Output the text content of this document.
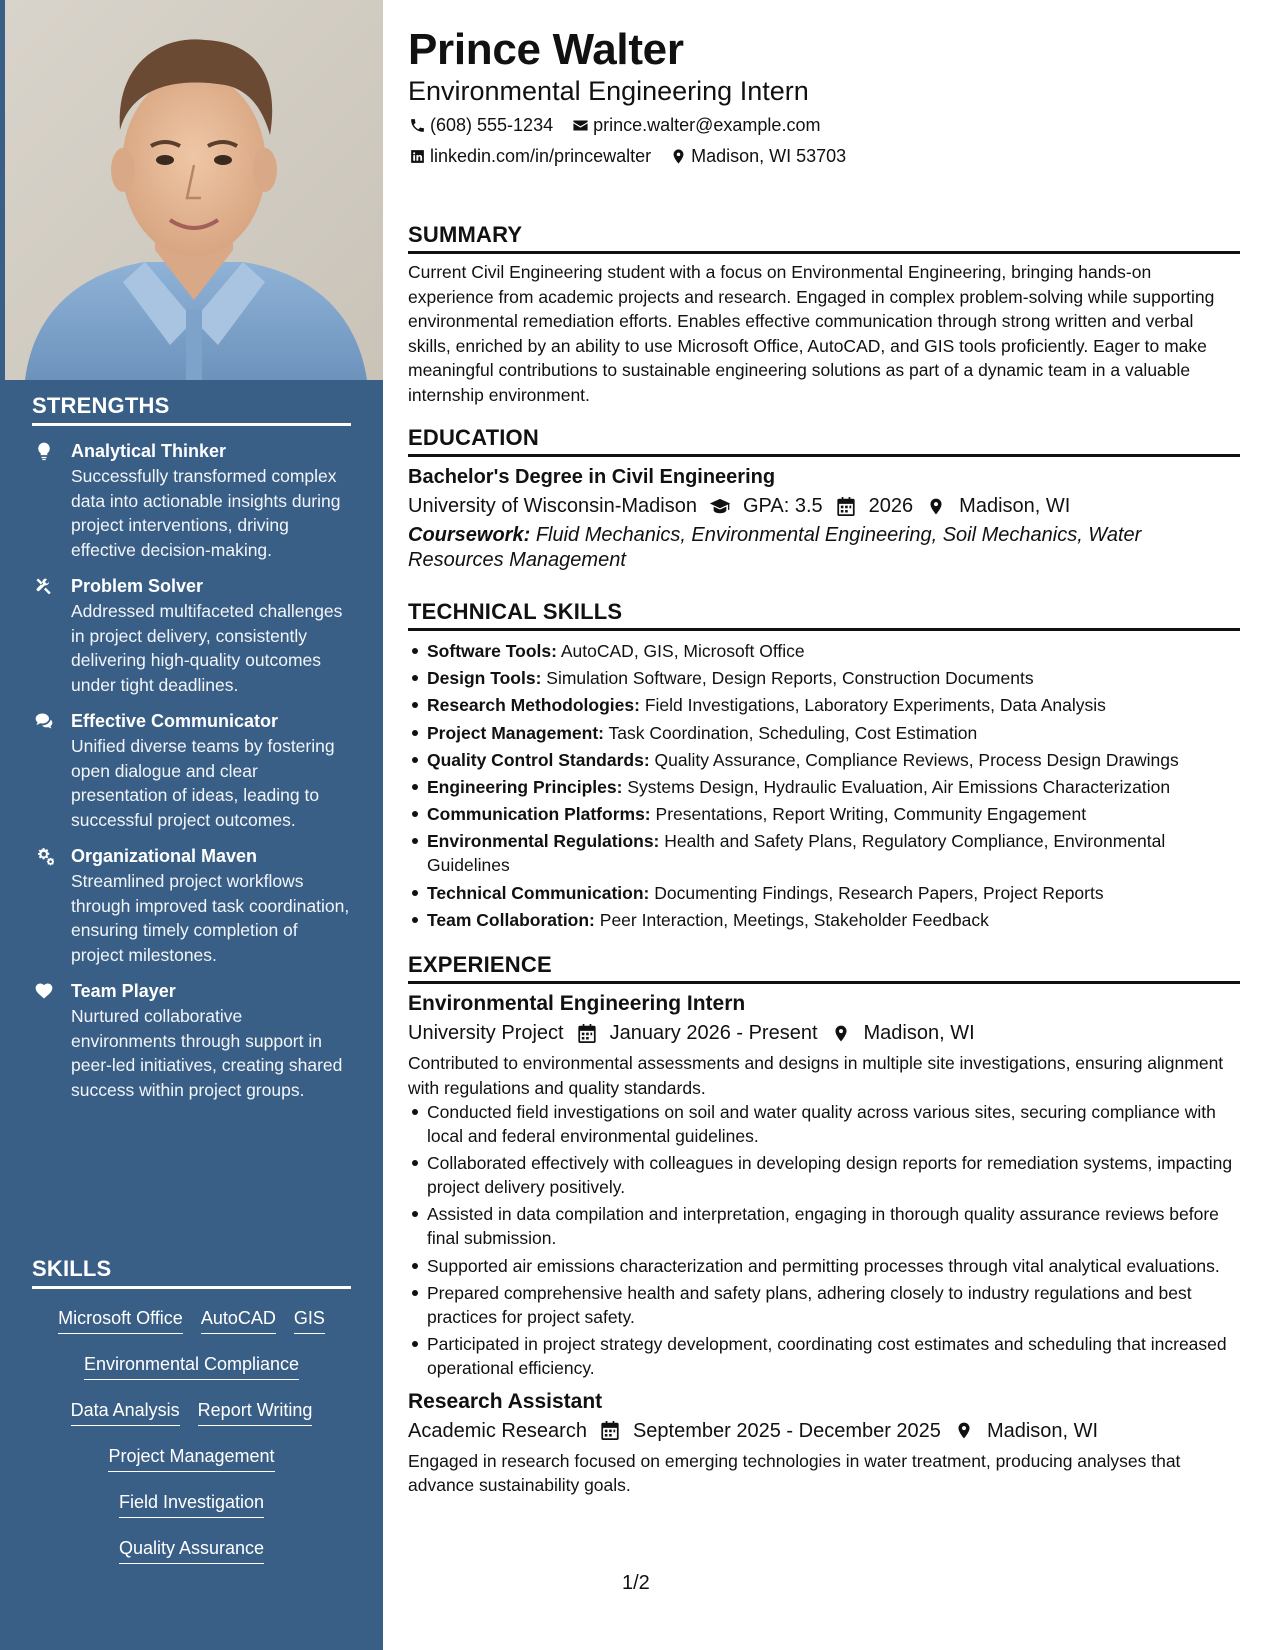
STRENGTHS
Analytical Thinker
Successfully transformed complex data into actionable insights during project interventions, driving effective decision-making.
Problem Solver
Addressed multifaceted challenges in project delivery, consistently delivering high-quality outcomes under tight deadlines.
Effective Communicator
Unified diverse teams by fostering open dialogue and clear presentation of ideas, leading to successful project outcomes.
Organizational Maven
Streamlined project workflows through improved task coordination, ensuring timely completion of project milestones.
Team Player
Nurtured collaborative environments through support in peer-led initiatives, creating shared success within project groups.
SKILLS
Microsoft Office AutoCAD GIS
Environmental Compliance
Data Analysis Report Writing
Project Management
Field Investigation
Quality Assurance
Prince Walter
Environmental Engineering Intern
(608) 555-1234 prince.walter@example.com
linkedin.com/in/princewalter Madison, WI 53703
SUMMARY
Current Civil Engineering student with a focus on Environmental Engineering, bringing hands-on experience from academic projects and research. Engaged in complex problem-solving while supporting environmental remediation efforts. Enables effective communication through strong written and verbal skills, enriched by an ability to use Microsoft Office, AutoCAD, and GIS tools proficiently. Eager to make meaningful contributions to sustainable engineering solutions as part of a dynamic team in a valuable internship environment.
EDUCATION
Bachelor's Degree in Civil Engineering
University of Wisconsin-Madison GPA: 3.5 2026 Madison, WI
Coursework: Fluid Mechanics, Environmental Engineering, Soil Mechanics, Water Resources Management
TECHNICAL SKILLS
Software Tools: AutoCAD, GIS, Microsoft Office
Design Tools: Simulation Software, Design Reports, Construction Documents
Research Methodologies: Field Investigations, Laboratory Experiments, Data Analysis
Project Management: Task Coordination, Scheduling, Cost Estimation
Quality Control Standards: Quality Assurance, Compliance Reviews, Process Design Drawings
Engineering Principles: Systems Design, Hydraulic Evaluation, Air Emissions Characterization
Communication Platforms: Presentations, Report Writing, Community Engagement
Environmental Regulations: Health and Safety Plans, Regulatory Compliance, Environmental Guidelines
Technical Communication: Documenting Findings, Research Papers, Project Reports
Team Collaboration: Peer Interaction, Meetings, Stakeholder Feedback
EXPERIENCE
Environmental Engineering Intern
University Project January 2026 - Present Madison, WI
Contributed to environmental assessments and designs in multiple site investigations, ensuring alignment with regulations and quality standards.
Conducted field investigations on soil and water quality across various sites, securing compliance with local and federal environmental guidelines.
Collaborated effectively with colleagues in developing design reports for remediation systems, impacting project delivery positively.
Assisted in data compilation and interpretation, engaging in thorough quality assurance reviews before final submission.
Supported air emissions characterization and permitting processes through vital analytical evaluations.
Prepared comprehensive health and safety plans, adhering closely to industry regulations and best practices for project safety.
Participated in project strategy development, coordinating cost estimates and scheduling that increased operational efficiency.
Research Assistant
Academic Research September 2025 - December 2025 Madison, WI
Engaged in research focused on emerging technologies in water treatment, producing analyses that advance sustainability goals.
1/2
